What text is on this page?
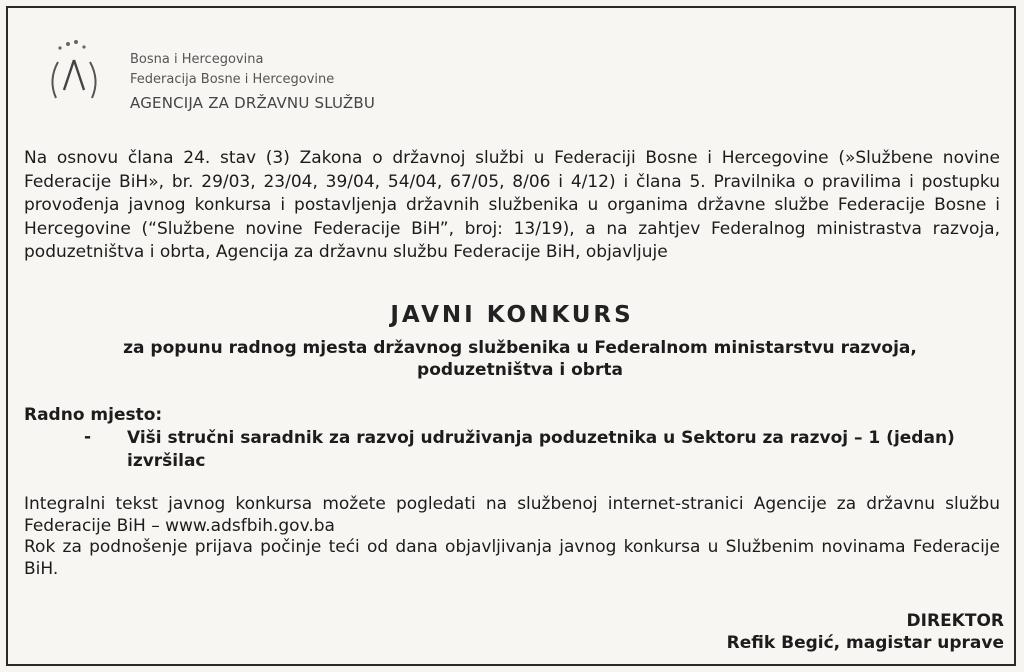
Bosna i Hercegovina
Federacija Bosne i Hercegovine
AGENCIJA ZA DRŽAVNU SLUŽBU
Na osnovu člana 24. stav (3) Zakona o državnoj službi u Federaciji Bosne i Hercegovine (»Službene novine Federacije BiH», br. 29/03, 23/04, 39/04, 54/04, 67/05, 8/06 i 4/12) i člana 5. Pravilnika o pravilima i postupku provođenja javnog konkursa i postavljenja državnih službenika u organima državne službe Federacije Bosne i Hercegovine (“Službene novine Federacije BiH”, broj: 13/19), a na zahtjev Federalnog ministrastva razvoja, poduzetništva i obrta, Agencija za državnu službu Federacije BiH, objavljuje
JAVNI KONKURS
za popunu radnog mjesta državnog službenika u Federalnom ministarstvu razvoja, poduzetništva i obrta
Radno mjesto:
- Viši stručni saradnik za razvoj udruživanja poduzetnika u Sektoru za razvoj – 1 (jedan) izvršilac

Integralni tekst javnog konkursa možete pogledati na službenoj internet-stranici Agencije za državnu službu Federacije BiH – www.adsfbih.gov.ba

Rok za podnošenje prijava počinje teći od dana objavljivanja javnog konkursa u Službenim novinama Federacije BiH.

DIREKTOR
Refik Begić, magistar uprave
